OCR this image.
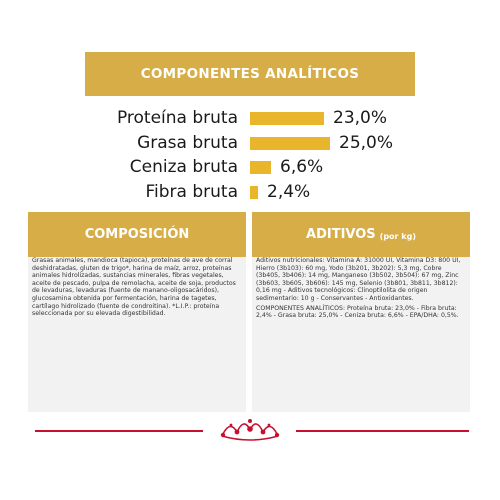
COMPONENTES ANALÍTICOS
Proteína bruta	23,0%
Grasa bruta	25,0%
Ceniza bruta 6,6%
Fibra bruta 2,4%
COMPOSICIÓN

Grasas animales, mandioca (tapioca), proteínas de ave de corral deshidratadas, gluten de trigo*, harina de maíz, arroz, proteínas animales hidrolizadas, sustancias minerales, fibras vegetales, aceite de pescado, pulpa de remolacha, aceite de soja, productos de levaduras, levaduras (fuente de manano-oligosacáridos), glucosamina obtenida por fermentación, harina de tagetes, cartílago hidrolizado (fuente de condroitina). *L.I.P.: proteína seleccionada por su elevada digestibilidad.

ADITIVOS (por kg)

Aditivos nutricionales: Vitamina A: 31000 UI, Vitamina D3: 800 UI, Hierro (3b103): 60 mg, Yodo (3b201, 3b202): 5,3 mg, Cobre (3b405, 3b406): 14 mg, Manganeso (3b502, 3b504): 67 mg, Zinc (3b603, 3b605, 3b606): 145 mg, Selenio (3b801, 3b811, 3b812): 0,16 mg - Aditivos tecnológicos: Clinoptilolita de origen sedimentario: 10 g - Conservantes - Antioxidantes.

COMPONENTES ANALÍTICOS: Proteína bruta: 23,0% - Fibra bruta: 2,4% - Grasa bruta: 25,0% - Ceniza bruta: 6,6% - EPA/DHA: 0,5%.
